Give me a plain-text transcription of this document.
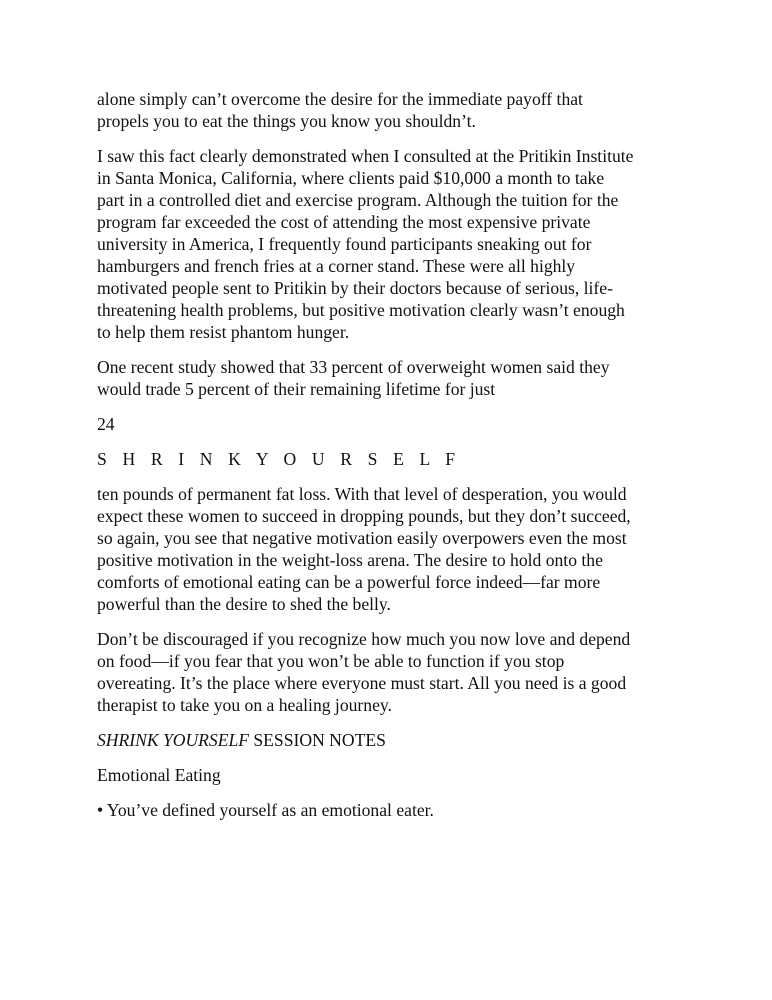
alone simply can’t overcome the desire for the immediate payoff that
propels you to eat the things you know you shouldn’t.

I saw this fact clearly demonstrated when I consulted at the Pritikin Institute
in Santa Monica, California, where clients paid $10,000 a month to take
part in a controlled diet and exercise program. Although the tuition for the
program far exceeded the cost of attending the most expensive private
university in America, I frequently found participants sneaking out for
hamburgers and french fries at a corner stand. These were all highly
motivated people sent to Pritikin by their doctors because of serious, life-
threatening health problems, but positive motivation clearly wasn’t enough
to help them resist phantom hunger.

One recent study showed that 33 percent of overweight women said they
would trade 5 percent of their remaining lifetime for just

24

S H R I N K Y O U R S E L F

ten pounds of permanent fat loss. With that level of desperation, you would
expect these women to succeed in dropping pounds, but they don’t succeed,
so again, you see that negative motivation easily overpowers even the most
positive motivation in the weight-loss arena. The desire to hold onto the
comforts of emotional eating can be a powerful force indeed—far more
powerful than the desire to shed the belly.

Don’t be discouraged if you recognize how much you now love and depend
on food—if you fear that you won’t be able to function if you stop
overeating. It’s the place where everyone must start. All you need is a good
therapist to take you on a healing journey.

SHRINK YOURSELF SESSION NOTES

Emotional Eating

• You’ve defined yourself as an emotional eater.
